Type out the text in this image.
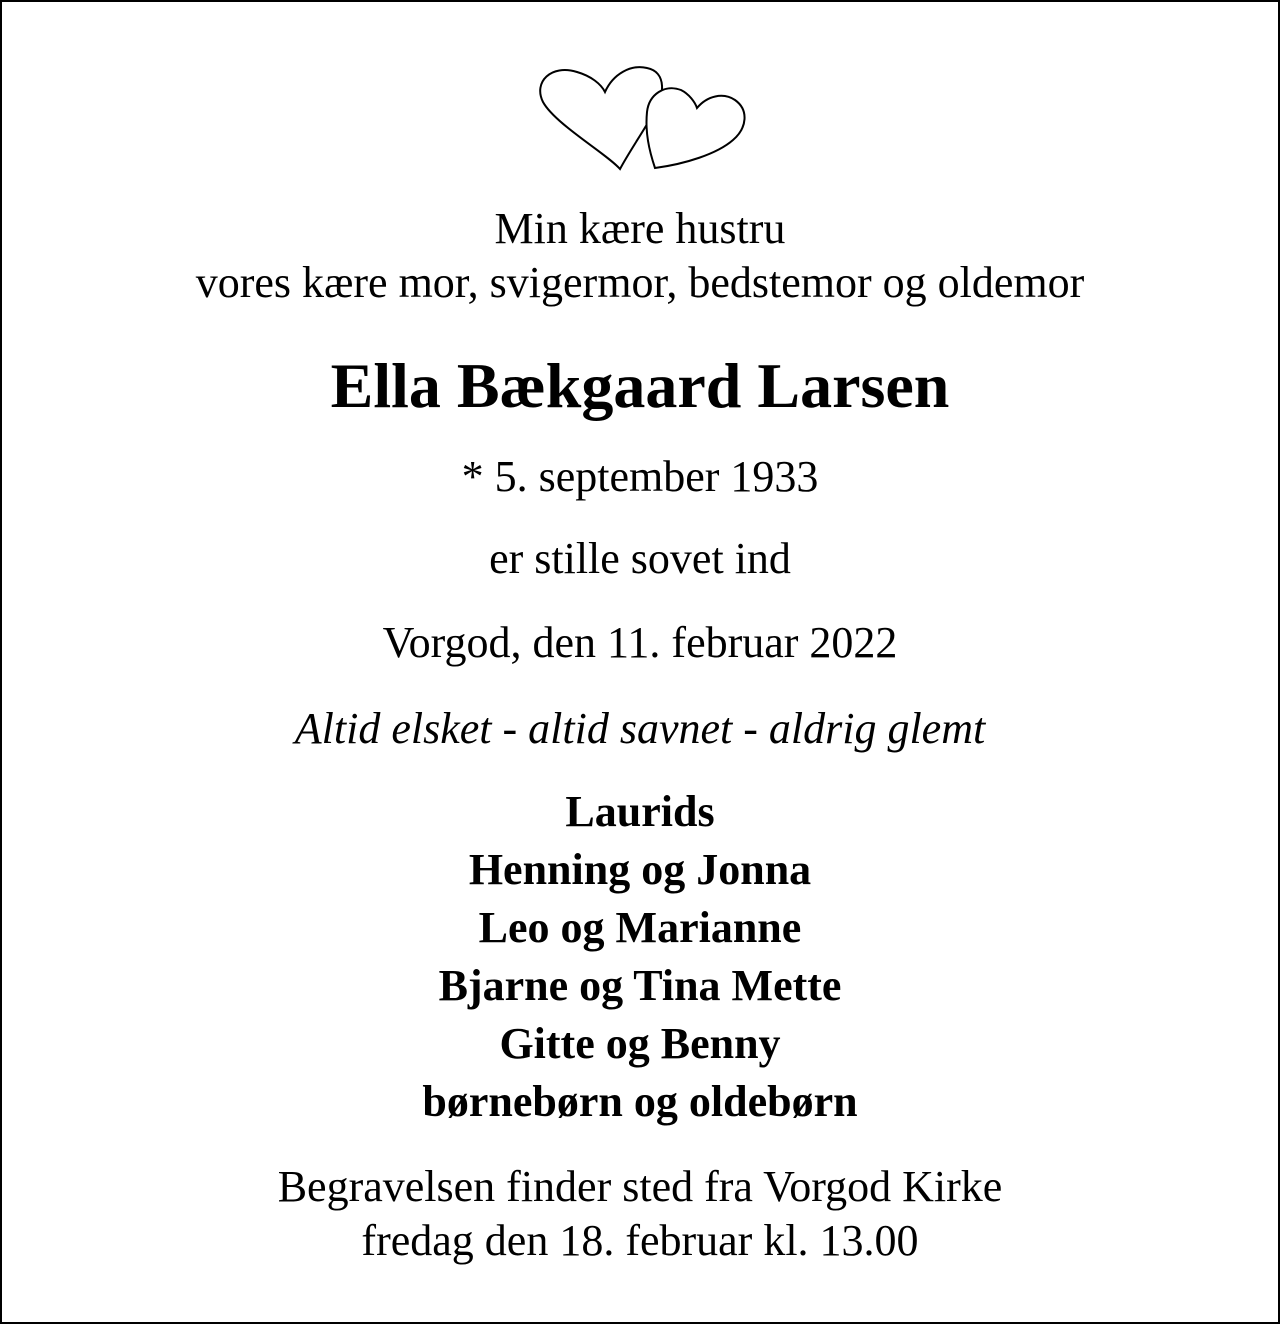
Min kære hustru
vores kære mor, svigermor, bedstemor og oldemor
Ella Bækgaard Larsen
* 5. september 1933
er stille sovet ind
Vorgod, den 11. februar 2022
Altid elsket - altid savnet - aldrig glemt
Laurids
Henning og Jonna
Leo og Marianne
Bjarne og Tina Mette
Gitte og Benny
børnebørn og oldebørn
Begravelsen finder sted fra Vorgod Kirke
fredag den 18. februar kl. 13.00
